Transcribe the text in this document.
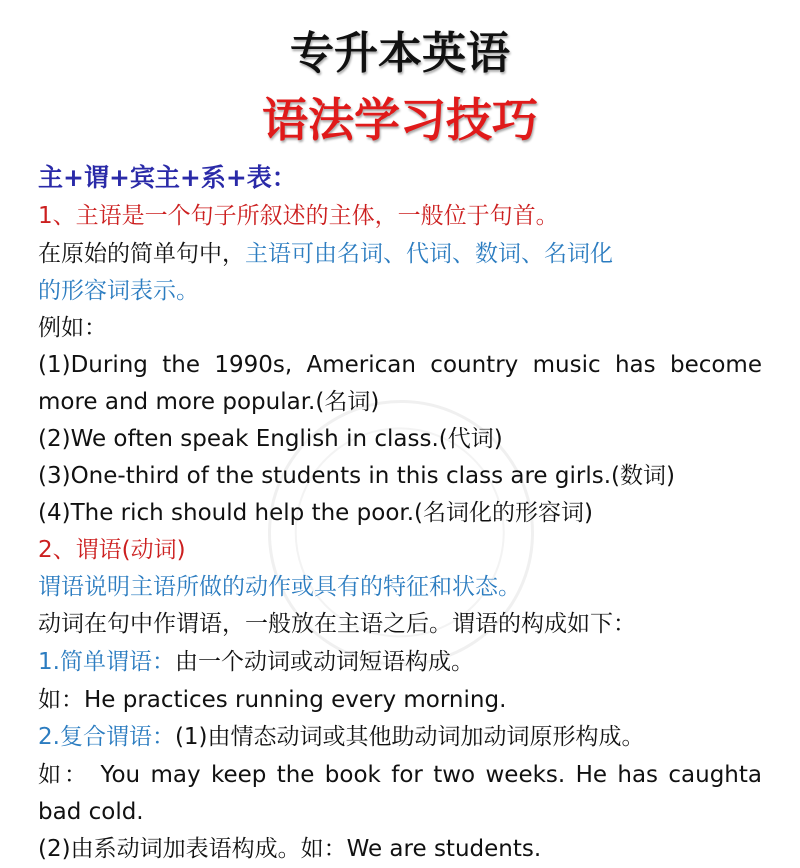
专升本英语
语法学习技巧
主+谓+宾主+系+表：
1、主语是一个句子所叙述的主体，一般位于句首。
在原始的简单句中，主语可由名词、代词、数词、名词化
的形容词表示。
例如：
(1)During the 1990s, American country music has become
more and more popular.(名词)
(2)We often speak English in class.(代词)
(3)One-third of the students in this class are girls.(数词)
(4)The rich should help the poor.(名词化的形容词)
2、谓语(动词)
谓语说明主语所做的动作或具有的特征和状态。
动词在句中作谓语，一般放在主语之后。谓语的构成如下：
1.简单谓语：由一个动词或动词短语构成。
如：He practices running every morning.
2.复合谓语：(1)由情态动词或其他助动词加动词原形构成。
如： You may keep the book for two weeks. He has caughta
bad cold.
(2)由系动词加表语构成。如：We are students.
